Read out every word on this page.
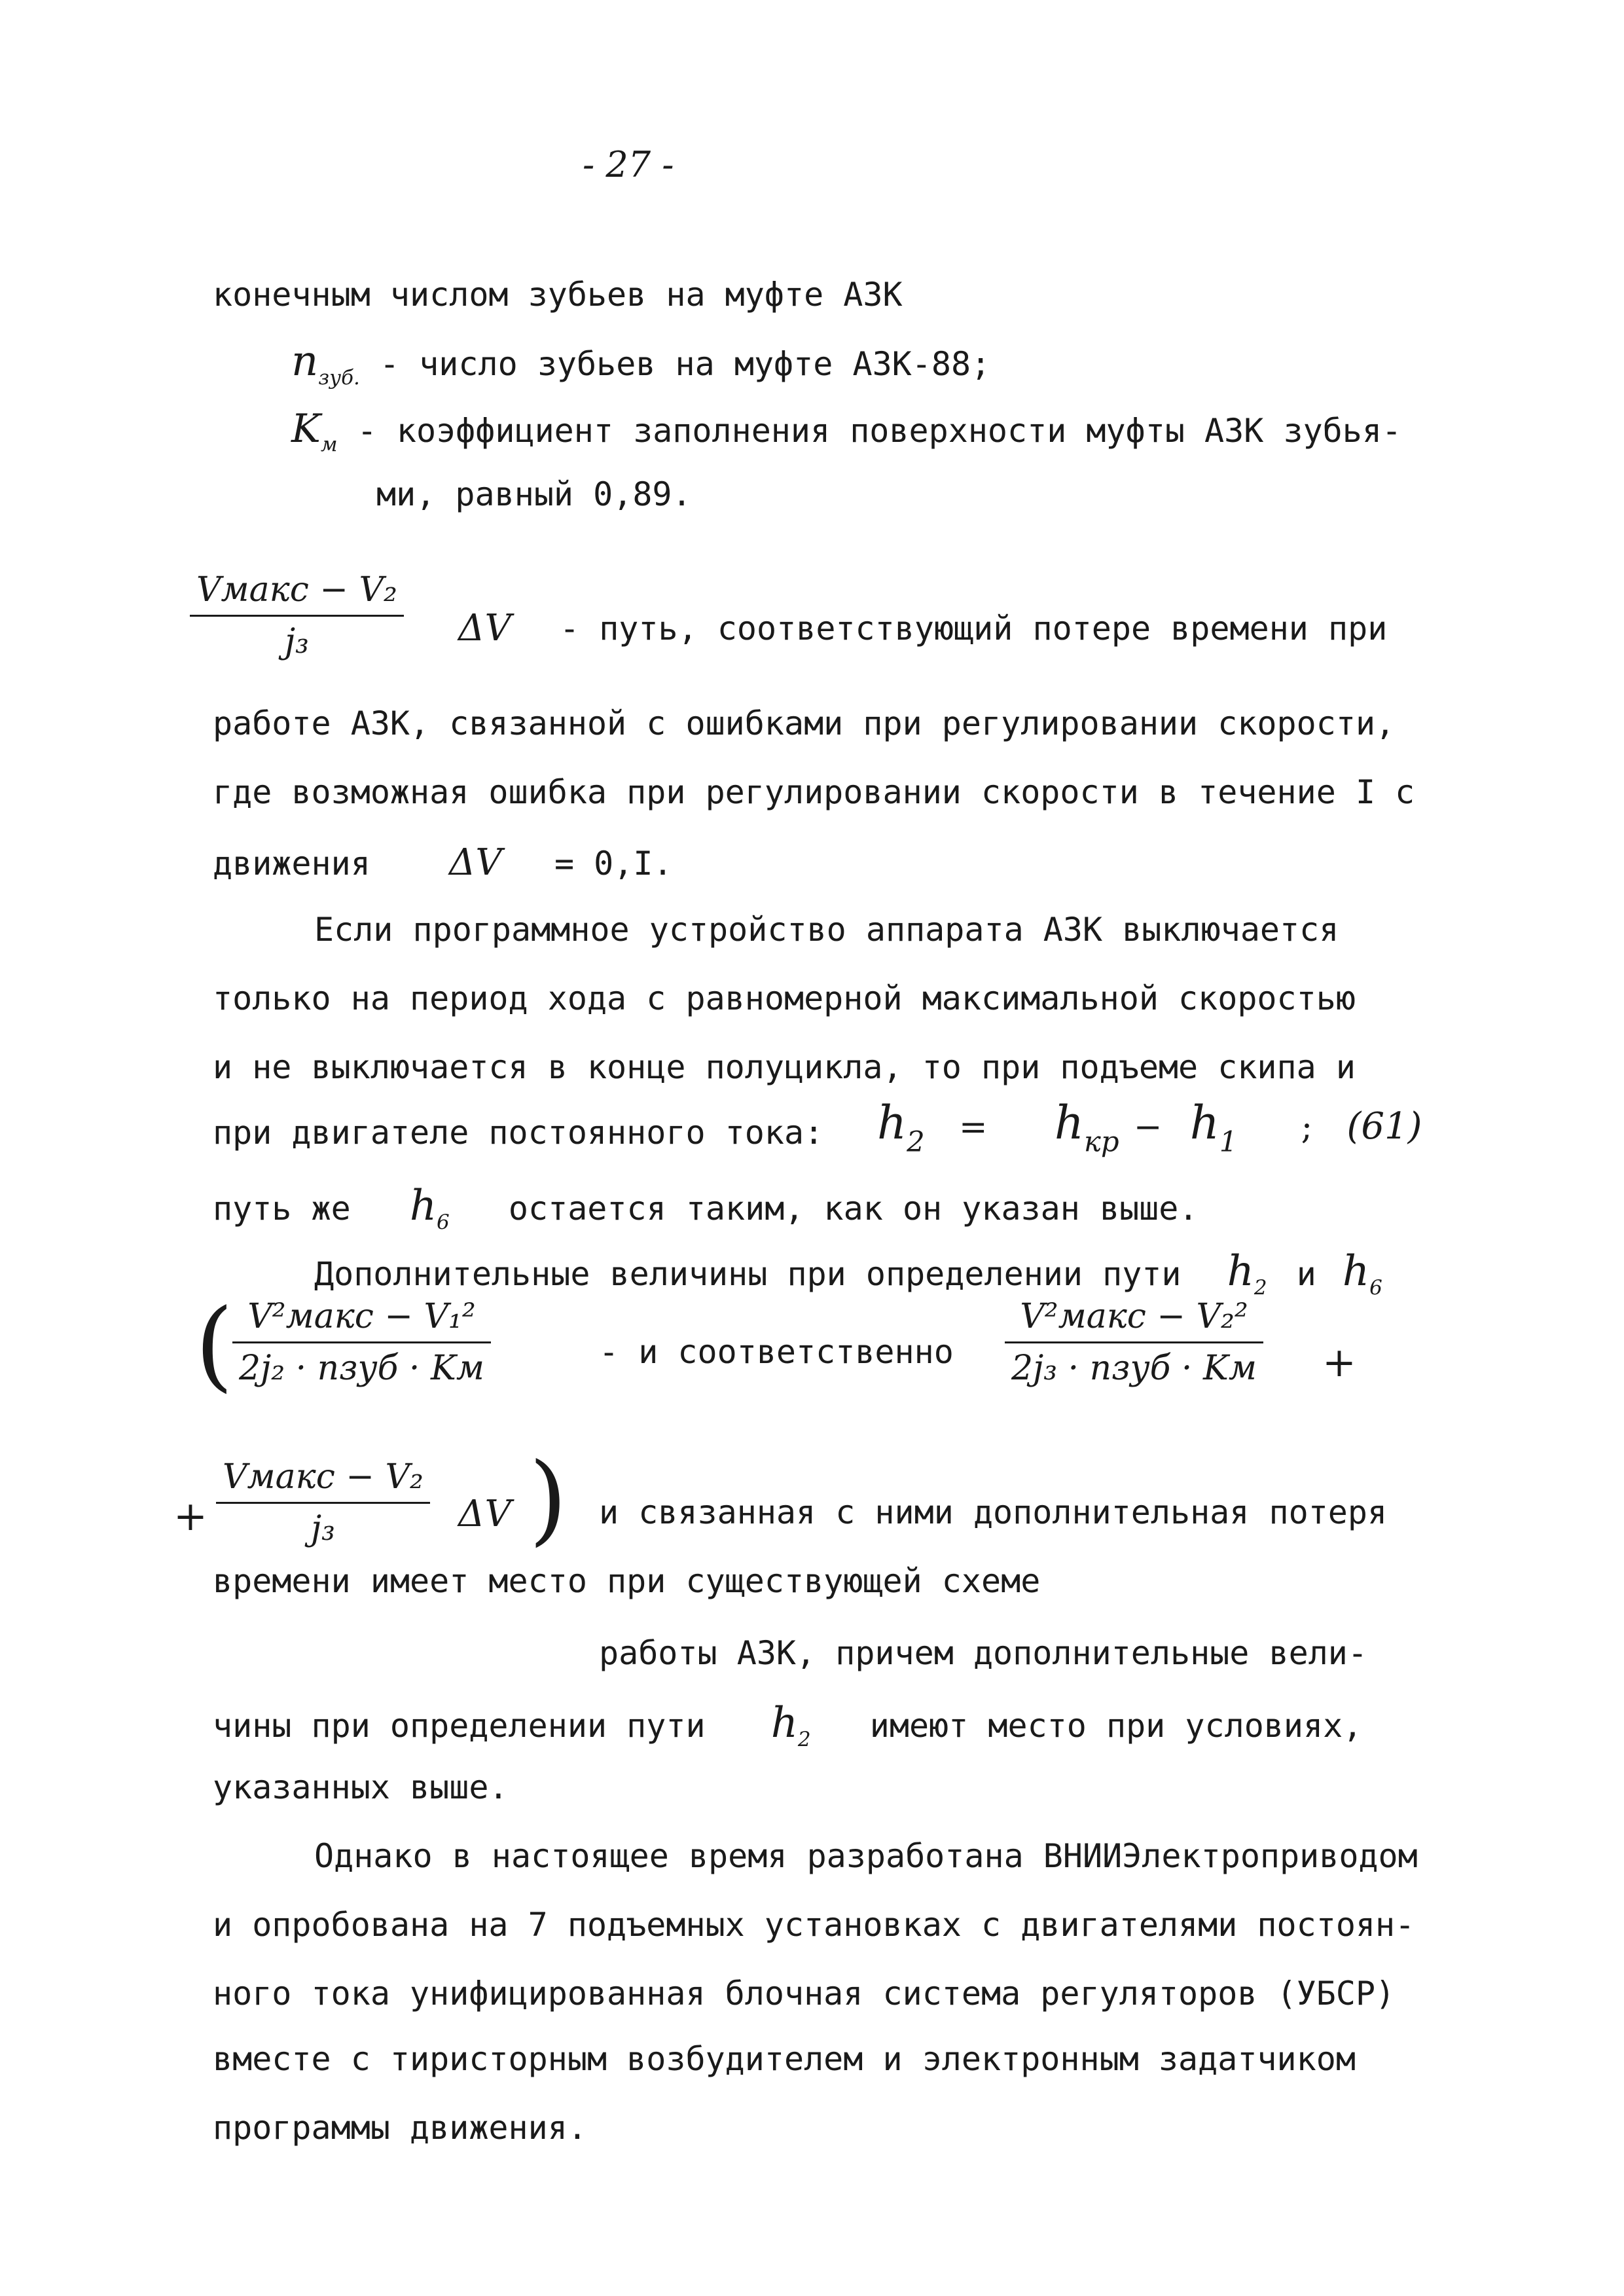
- 27 -
конечным числом зубьев на муфте АЗК
$n_{зуб.}$ - число зубьев на муфте АЗК-88;
$K_м$ - коэффициент заполнения поверхности муфты АЗК зубья-
ми, равный 0,89.
Vмакс − V₂
j₃	ΔV - путь, соответствующий потере времени при
работе АЗК, связанной с ошибками при регулировании скорости,
где возможная ошибка при регулировании скорости в течение I с
движения ΔV = 0,I.
Если программное устройство аппарата АЗК выключается
только на период хода с равномерной максимальной скоростью
и не выключается в конце полуцикла, то при подъеме скипа и
при двигателе постоянного тока: $h_2 = h_{кр} - h_1$ ; (61)
путь же $h_6$ остается таким, как он указан выше.
Дополнительные величины при определении пути $h_2$ и $h_6$
( V²макс − V₁²
2j₂ · nзуб · Kм	- и соответственно
V²макс − V₂²
2j₃ · nзуб · Kм +
+
Vмакс − V₂
j₃	ΔV ) и связанная с ними дополнительная потеря
времени имеет место при существующей схеме
работы АЗК, причем дополнительные вели-
чины при определении пути $h_2$ имеют место при условиях,
указанных выше.
Однако в настоящее время разработана ВНИИЭлектроприводом
и опробована на 7 подъемных установках с двигателями постоян-
ного тока унифицированная блочная система регуляторов (УБСР)
вместе с тиристорным возбудителем и электронным задатчиком
программы движения.
